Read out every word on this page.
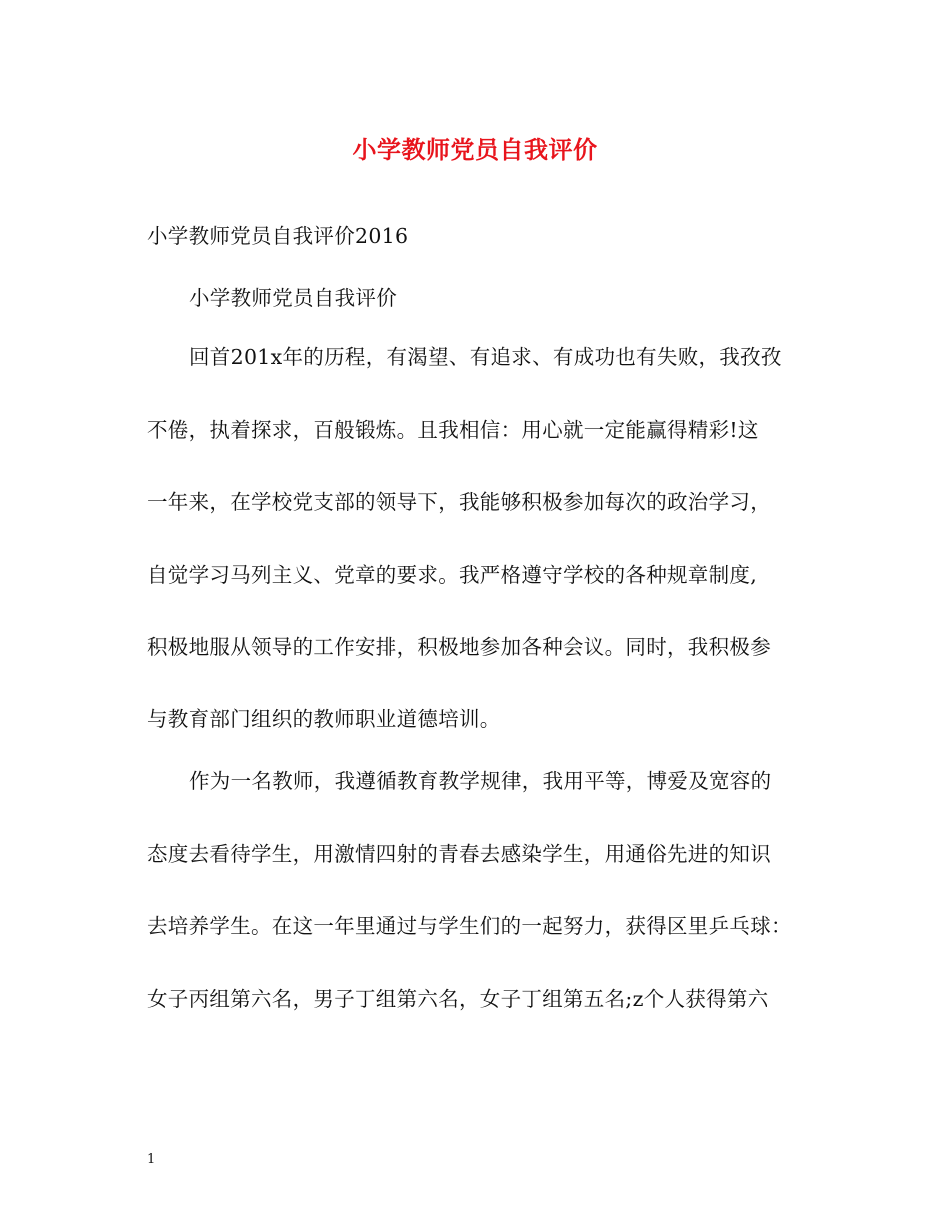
小学教师党员自我评价
小学教师党员自我评价2016
小学教师党员自我评价
回首201x年的历程，有渴望、有追求、有成功也有失败，我孜孜
不倦，执着探求，百般锻炼。且我相信：用心就一定能赢得精彩!这
一年来，在学校党支部的领导下，我能够积极参加每次的政治学习，
自觉学习马列主义、党章的要求。我严格遵守学校的各种规章制度,
积极地服从领导的工作安排，积极地参加各种会议。同时，我积极参
与教育部门组织的教师职业道德培训。
作为一名教师，我遵循教育教学规律，我用平等，博爱及宽容的
态度去看待学生，用激情四射的青春去感染学生，用通俗先进的知识
去培养学生。在这一年里通过与学生们的一起努力，获得区里乒乓球：
女子丙组第六名，男子丁组第六名，女子丁组第五名;z个人获得第六
1
